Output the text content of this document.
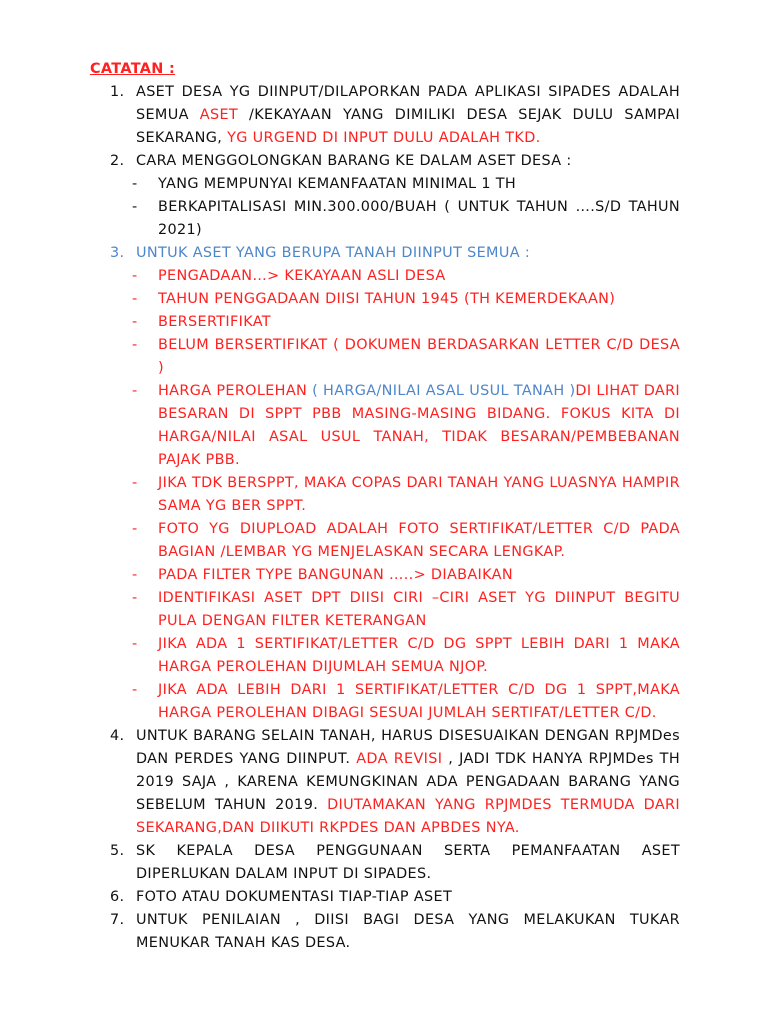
CATATAN :
1. ASET DESA YG DIINPUT/DILAPORKAN PADA APLIKASI SIPADES ADALAH SEMUA ASET /KEKAYAAN YANG DIMILIKI DESA SEJAK DULU SAMPAI SEKARANG, YG URGEND DI INPUT DULU ADALAH TKD.
2. CARA MENGGOLONGKAN BARANG KE DALAM ASET DESA :
- YANG MEMPUNYAI KEMANFAATAN MINIMAL 1 TH
- BERKAPITALISASI MIN.300.000/BUAH ( UNTUK TAHUN ….S/D TAHUN 2021)
3. UNTUK ASET YANG BERUPA TANAH DIINPUT SEMUA :
- PENGADAAN…> KEKAYAAN ASLI DESA
- TAHUN PENGGADAAN DIISI TAHUN 1945 (TH KEMERDEKAAN)
- BERSERTIFIKAT
- BELUM BERSERTIFIKAT ( DOKUMEN BERDASARKAN LETTER C/D DESA )
- HARGA PEROLEHAN ( HARGA/NILAI ASAL USUL TANAH )DI LIHAT DARI BESARAN DI SPPT PBB MASING-MASING BIDANG. FOKUS KITA DI HARGA/NILAI ASAL USUL TANAH, TIDAK BESARAN/PEMBEBANAN PAJAK PBB.
- JIKA TDK BERSPPT, MAKA COPAS DARI TANAH YANG LUASNYA HAMPIR SAMA YG BER SPPT.
- FOTO YG DIUPLOAD ADALAH FOTO SERTIFIKAT/LETTER C/D PADA BAGIAN /LEMBAR YG MENJELASKAN SECARA LENGKAP.
- PADA FILTER TYPE BANGUNAN …..> DIABAIKAN
- IDENTIFIKASI ASET DPT DIISI CIRI –CIRI ASET YG DIINPUT BEGITU PULA DENGAN FILTER KETERANGAN
- JIKA ADA 1 SERTIFIKAT/LETTER C/D DG SPPT LEBIH DARI 1 MAKA HARGA PEROLEHAN DIJUMLAH SEMUA NJOP.
- JIKA ADA LEBIH DARI 1 SERTIFIKAT/LETTER C/D DG 1 SPPT,MAKA HARGA PEROLEHAN DIBAGI SESUAI JUMLAH SERTIFAT/LETTER C/D.
4. UNTUK BARANG SELAIN TANAH, HARUS DISESUAIKAN DENGAN RPJMDes DAN PERDES YANG DIINPUT. ADA REVISI , JADI TDK HANYA RPJMDes TH 2019 SAJA , KARENA KEMUNGKINAN ADA PENGADAAN BARANG YANG SEBELUM TAHUN 2019. DIUTAMAKAN YANG RPJMDES TERMUDA DARI SEKARANG,DAN DIIKUTI RKPDES DAN APBDES NYA.
5. SK KEPALA DESA PENGGUNAAN SERTA PEMANFAATAN ASET DIPERLUKAN DALAM INPUT DI SIPADES.
6. FOTO ATAU DOKUMENTASI TIAP-TIAP ASET
7. UNTUK PENILAIAN , DIISI BAGI DESA YANG MELAKUKAN TUKAR MENUKAR TANAH KAS DESA.
